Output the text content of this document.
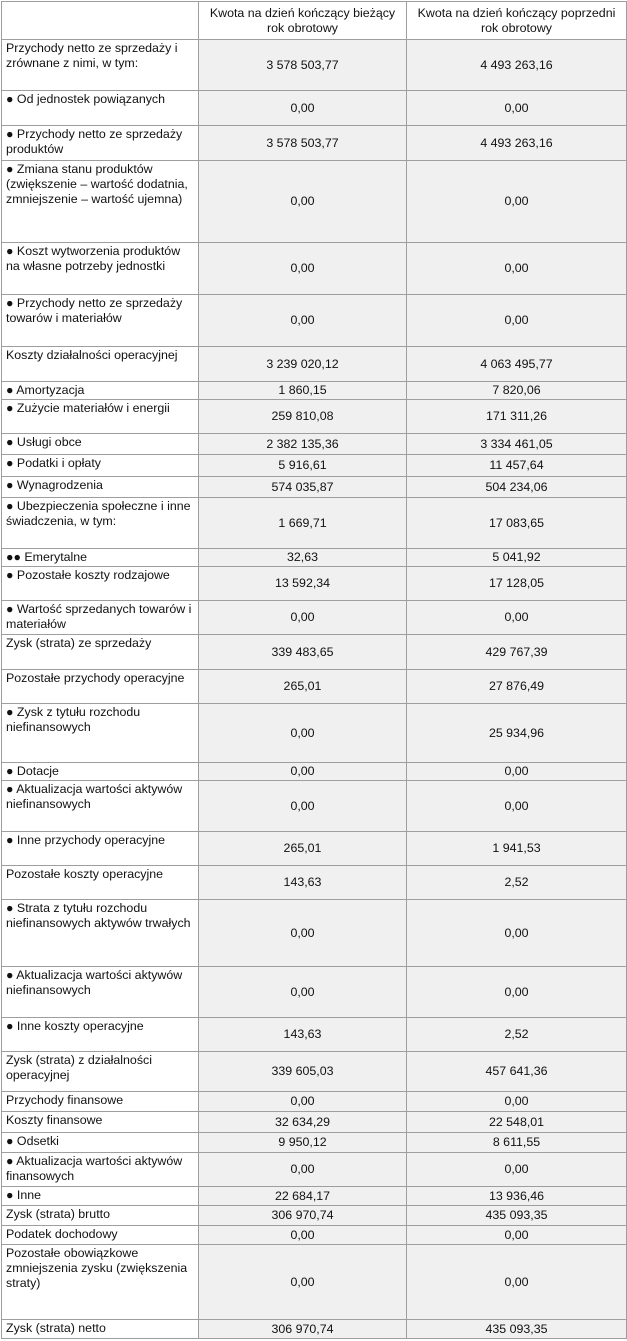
	Kwota na dzień kończący bieżący rok obrotowy	Kwota na dzień kończący poprzedni rok obrotowy
Przychody netto ze sprzedaży i zrównane z nimi, w tym:	3 578 503,77	4 493 263,16
● Od jednostek powiązanych	0,00	0,00
● Przychody netto ze sprzedaży produktów	3 578 503,77	4 493 263,16
● Zmiana stanu produktów (zwiększenie – wartość dodatnia, zmniejszenie – wartość ujemna)	0,00	0,00
● Koszt wytworzenia produktów na własne potrzeby jednostki	0,00	0,00
● Przychody netto ze sprzedaży towarów i materiałów	0,00	0,00
Koszty działalności operacyjnej	3 239 020,12	4 063 495,77
● Amortyzacja	1 860,15	7 820,06
● Zużycie materiałów i energii	259 810,08	171 311,26
● Usługi obce	2 382 135,36	3 334 461,05
● Podatki i opłaty	5 916,61	11 457,64
● Wynagrodzenia	574 035,87	504 234,06
● Ubezpieczenia społeczne i inne świadczenia, w tym:	1 669,71	17 083,65
●● Emerytalne	32,63	5 041,92
● Pozostałe koszty rodzajowe	13 592,34	17 128,05
● Wartość sprzedanych towarów i materiałów	0,00	0,00
Zysk (strata) ze sprzedaży	339 483,65	429 767,39
Pozostałe przychody operacyjne	265,01	27 876,49
● Zysk z tytułu rozchodu niefinansowych	0,00	25 934,96
● Dotacje	0,00	0,00
● Aktualizacja wartości aktywów niefinansowych	0,00	0,00
● Inne przychody operacyjne	265,01	1 941,53
Pozostałe koszty operacyjne	143,63	2,52
● Strata z tytułu rozchodu niefinansowych aktywów trwałych	0,00	0,00
● Aktualizacja wartości aktywów niefinansowych	0,00	0,00
● Inne koszty operacyjne	143,63	2,52
Zysk (strata) z działalności operacyjnej	339 605,03	457 641,36
Przychody finansowe	0,00	0,00
Koszty finansowe	32 634,29	22 548,01
● Odsetki	9 950,12	8 611,55
● Aktualizacja wartości aktywów finansowych	0,00	0,00
● Inne	22 684,17	13 936,46
Zysk (strata) brutto	306 970,74	435 093,35
Podatek dochodowy	0,00	0,00
Pozostałe obowiązkowe zmniejszenia zysku (zwiększenia straty)	0,00	0,00
Zysk (strata) netto	306 970,74	435 093,35
